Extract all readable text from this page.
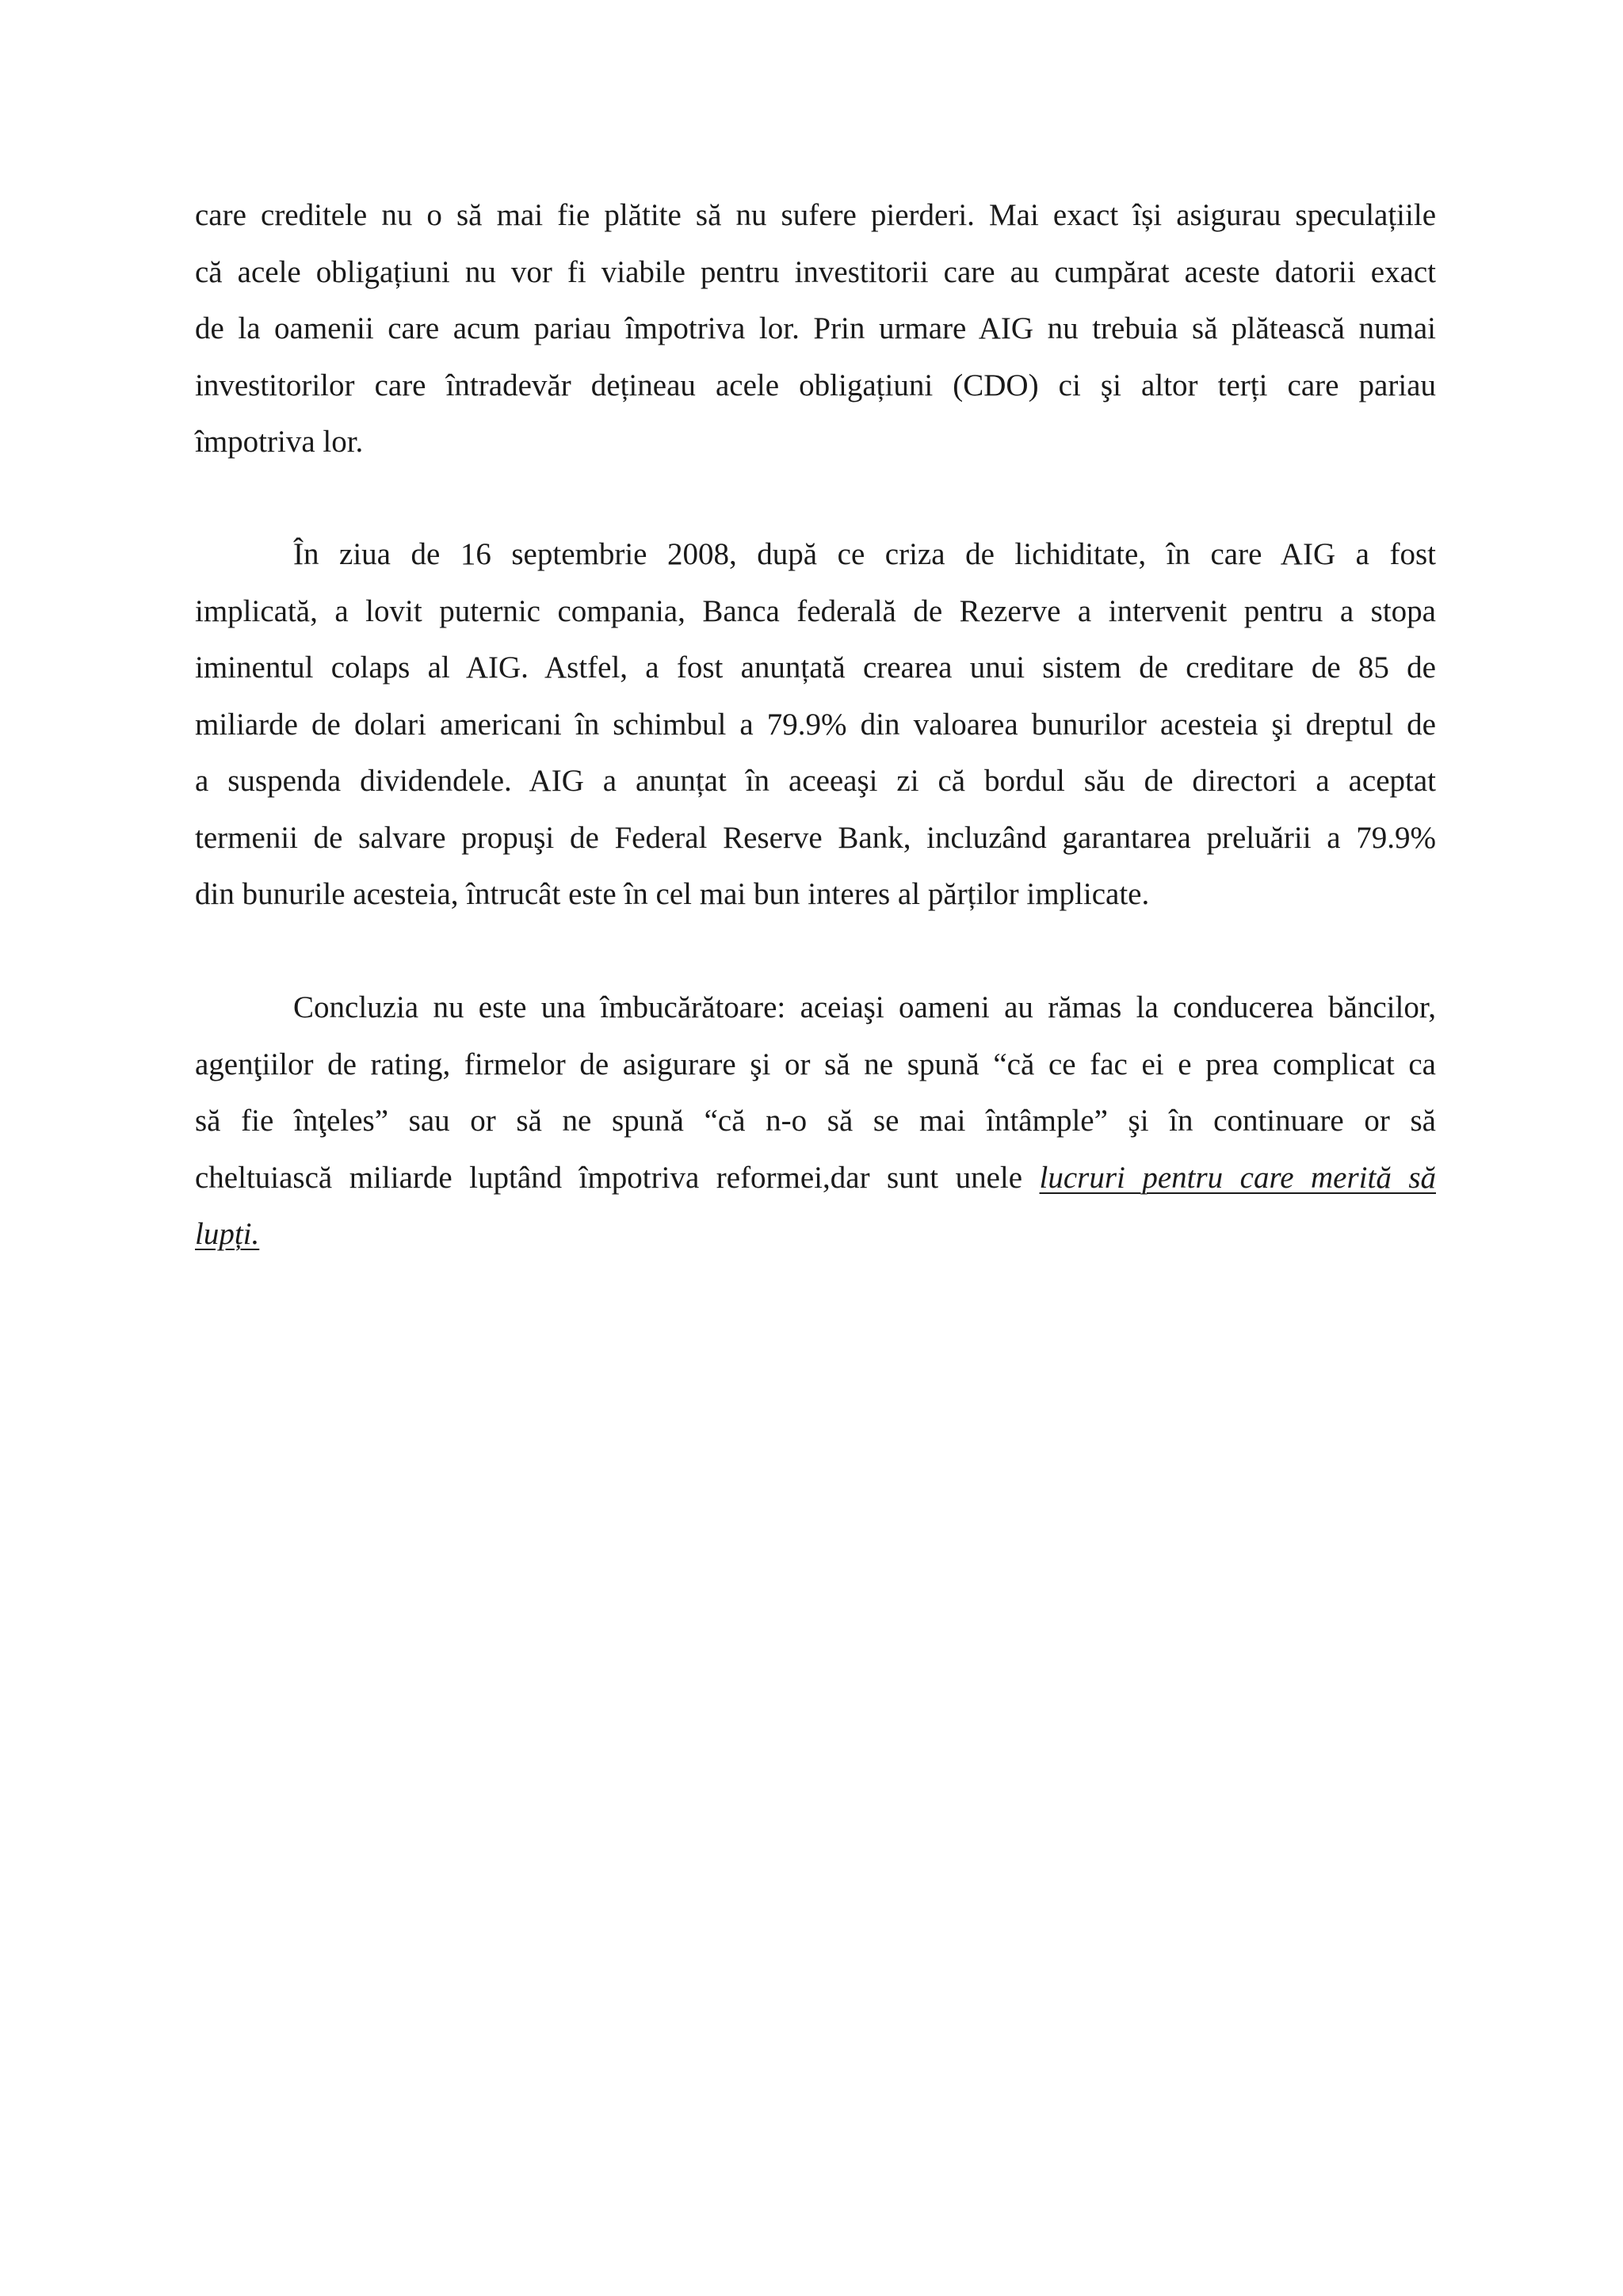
care creditele nu o să mai fie plătite să nu sufere pierderi. Mai exact își asigurau speculațiile
că acele obligațiuni nu vor fi viabile pentru investitorii care au cumpărat aceste datorii exact
de la oamenii care acum pariau împotriva lor. Prin urmare AIG nu trebuia să plătească numai
investitorilor care întradevăr dețineau acele obligațiuni (CDO) ci şi altor terți care pariau
împotriva lor.

În ziua de 16 septembrie 2008, după ce criza de lichiditate, în care AIG a fost
implicată, a lovit puternic compania, Banca federală de Rezerve a intervenit pentru a stopa
iminentul colaps al AIG. Astfel, a fost anunțată crearea unui sistem de creditare de 85 de
miliarde de dolari americani în schimbul a 79.9% din valoarea bunurilor acesteia şi dreptul de
a suspenda dividendele. AIG a anunțat în aceeaşi zi că bordul său de directori a aceptat
termenii de salvare propuşi de Federal Reserve Bank, incluzând garantarea preluării a 79.9%
din bunurile acesteia, întrucât este în cel mai bun interes al părților implicate.

Concluzia nu este una îmbucărătoare: aceiaşi oameni au rămas la conducerea băncilor,
agenţiilor de rating, firmelor de asigurare şi or să ne spună “că ce fac ei e prea complicat ca
să fie înţeles” sau or să ne spună “că n-o să se mai întâmple” şi în continuare or să
cheltuiască miliarde luptând împotriva reformei,dar sunt unele lucruri pentru care merită să
lupți.
